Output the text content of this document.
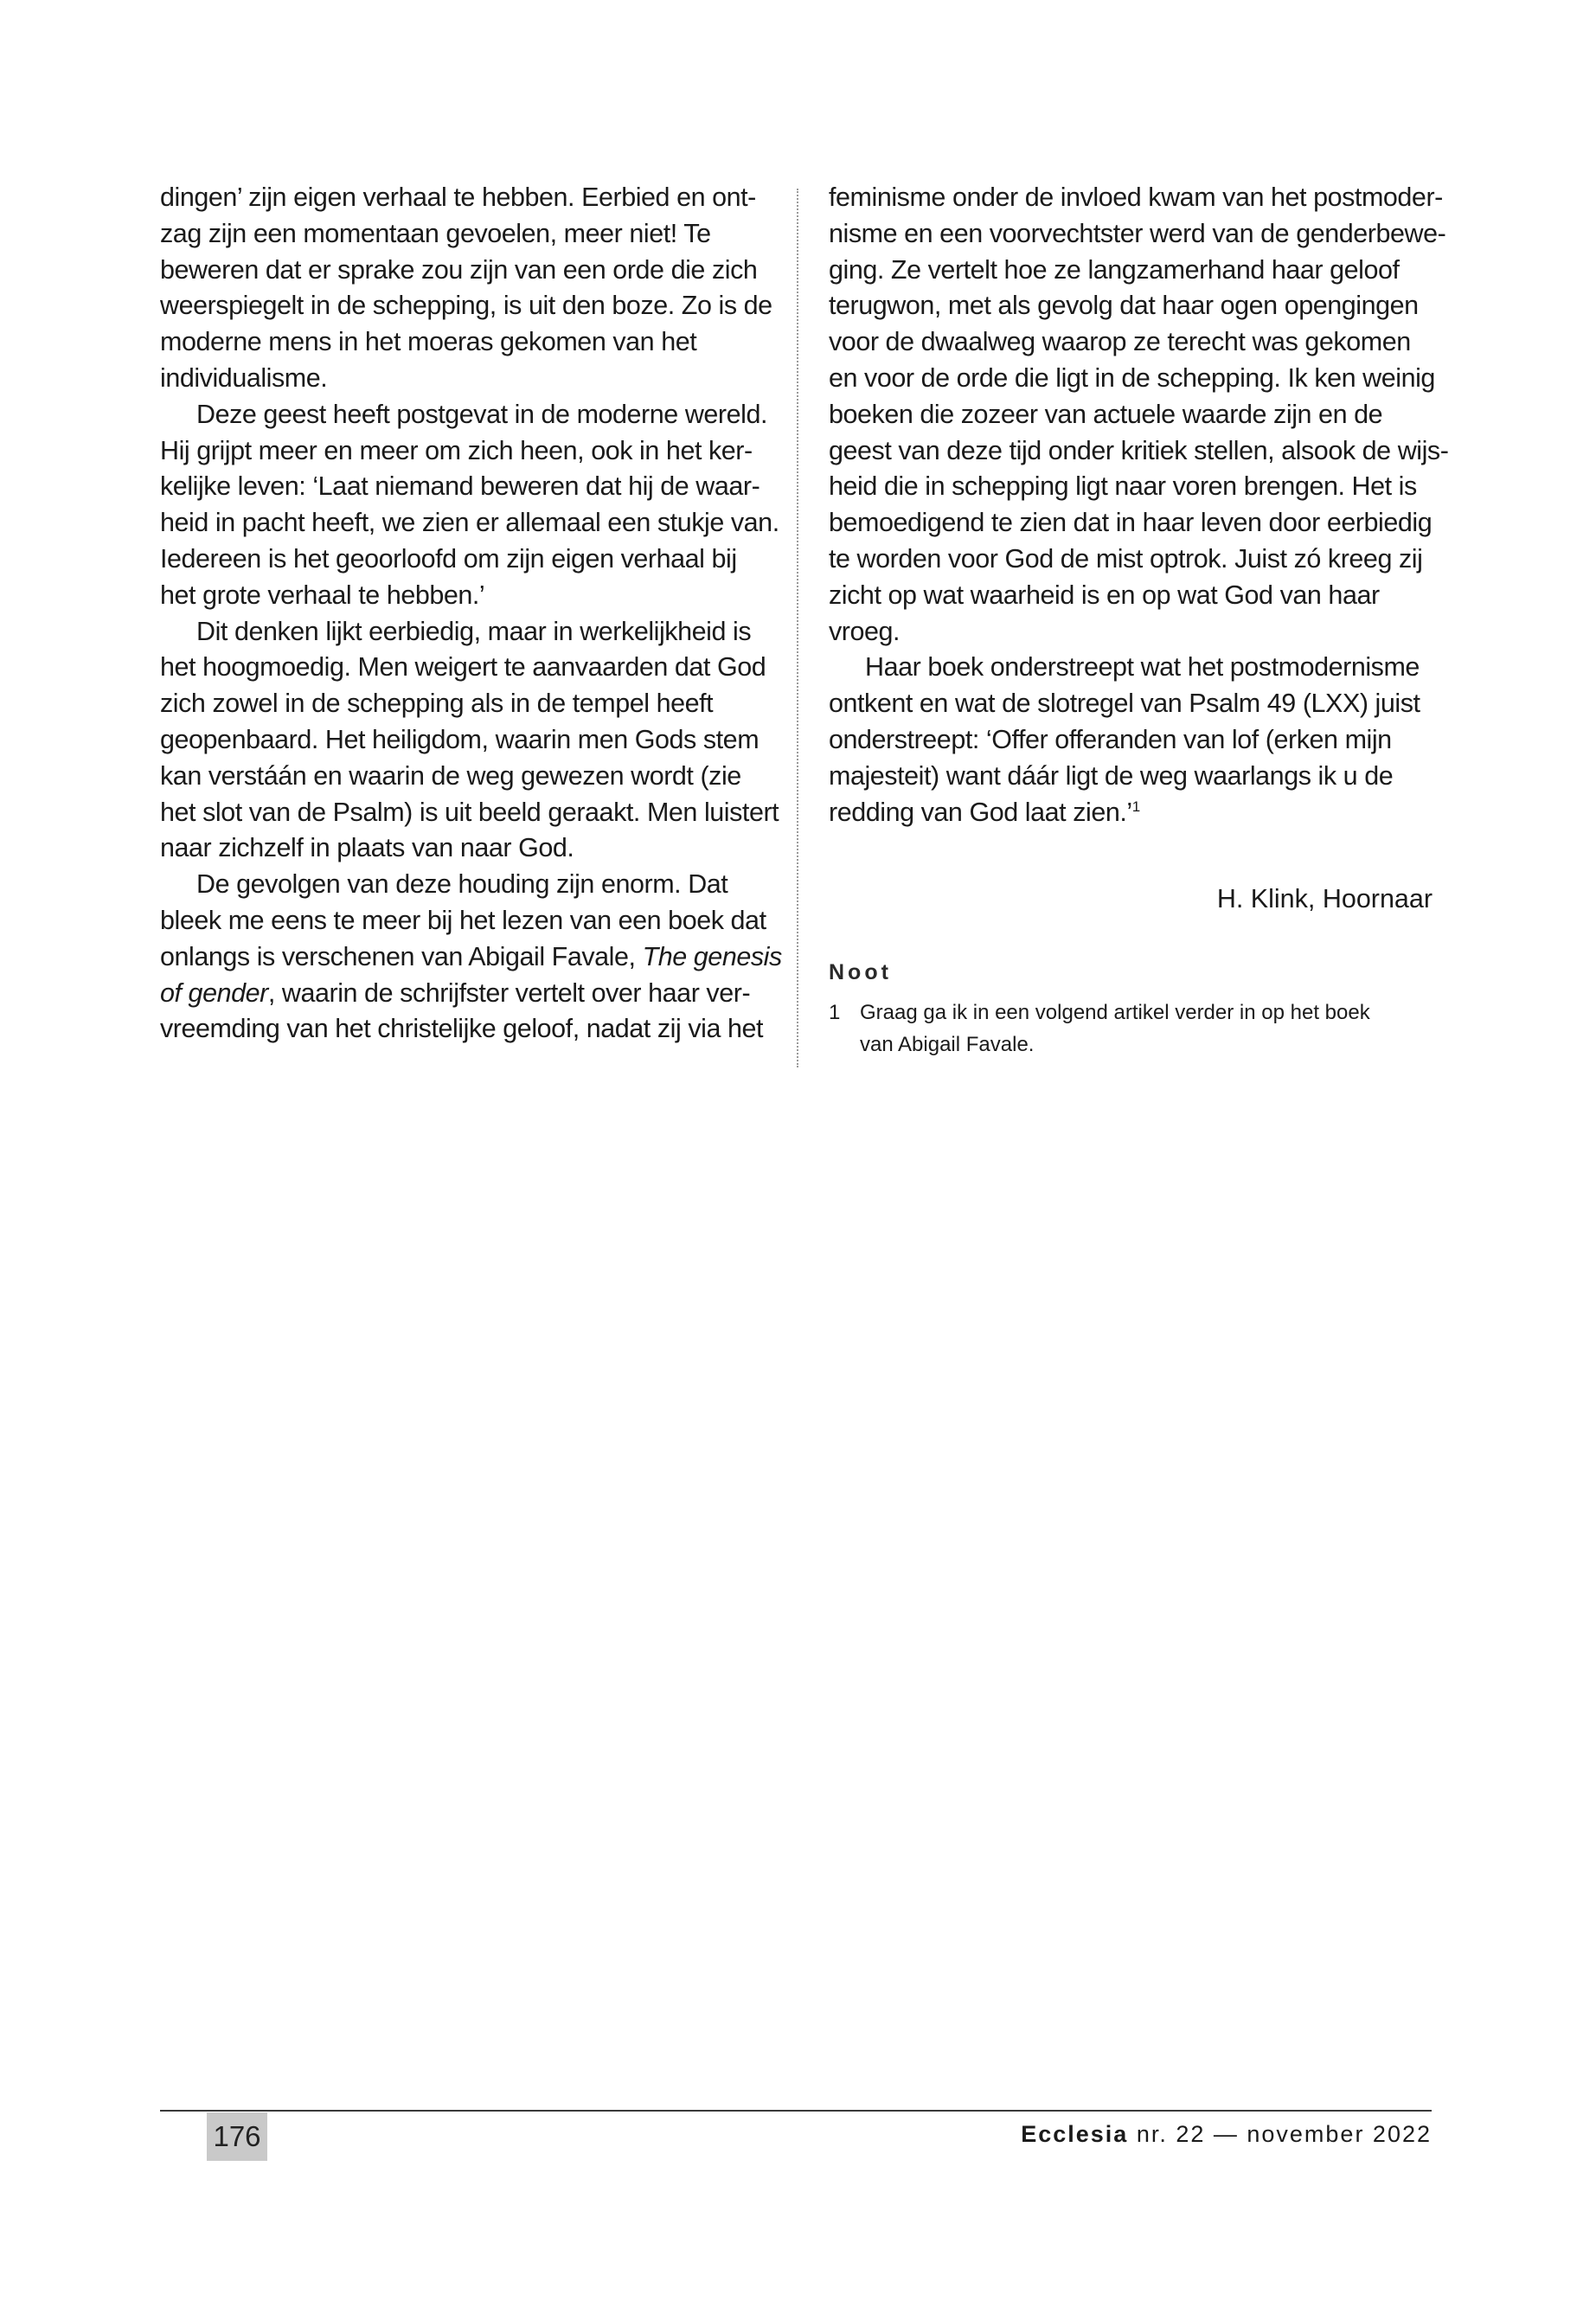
dingen’ zijn eigen verhaal te hebben. Eerbied en ont-
zag zijn een momentaan gevoelen, meer niet! Te
beweren dat er sprake zou zijn van een orde die zich
weerspiegelt in de schepping, is uit den boze. Zo is de
moderne mens in het moeras gekomen van het
individualisme.
Deze geest heeft postgevat in de moderne wereld.
Hij grijpt meer en meer om zich heen, ook in het ker-
kelijke leven: ‘Laat niemand beweren dat hij de waar-
heid in pacht heeft, we zien er allemaal een stukje van.
Iedereen is het geoorloofd om zijn eigen verhaal bij
het grote verhaal te hebben.’
Dit denken lijkt eerbiedig, maar in werkelijkheid is
het hoogmoedig. Men weigert te aanvaarden dat God
zich zowel in de schepping als in de tempel heeft
geopenbaard. Het heiligdom, waarin men Gods stem
kan verstáán en waarin de weg gewezen wordt (zie
het slot van de Psalm) is uit beeld geraakt. Men luistert
naar zichzelf in plaats van naar God.
De gevolgen van deze houding zijn enorm. Dat
bleek me eens te meer bij het lezen van een boek dat
onlangs is verschenen van Abigail Favale, The genesis
of gender, waarin de schrijfster vertelt over haar ver-
vreemding van het christelijke geloof, nadat zij via het
feminisme onder de invloed kwam van het postmoder-
nisme en een voorvechtster werd van de genderbewe-
ging. Ze vertelt hoe ze langzamerhand haar geloof
terugwon, met als gevolg dat haar ogen opengingen
voor de dwaalweg waarop ze terecht was gekomen
en voor de orde die ligt in de schepping. Ik ken weinig
boeken die zozeer van actuele waarde zijn en de
geest van deze tijd onder kritiek stellen, alsook de wijs-
heid die in schepping ligt naar voren brengen. Het is
bemoedigend te zien dat in haar leven door eerbiedig
te worden voor God de mist optrok. Juist zó kreeg zij
zicht op wat waarheid is en op wat God van haar
vroeg.
Haar boek onderstreept wat het postmodernisme
ontkent en wat de slotregel van Psalm 49 (LXX) juist
onderstreept: ‘Offer offeranden van lof (erken mijn
majesteit) want dáár ligt de weg waarlangs ik u de
redding van God laat zien.’$^1$
H. Klink, Hoornaar
Noot
1 Graag ga ik in een volgend artikel verder in op het boek
van Abigail Favale.
176	Ecclesia nr. 22 — november 2022
